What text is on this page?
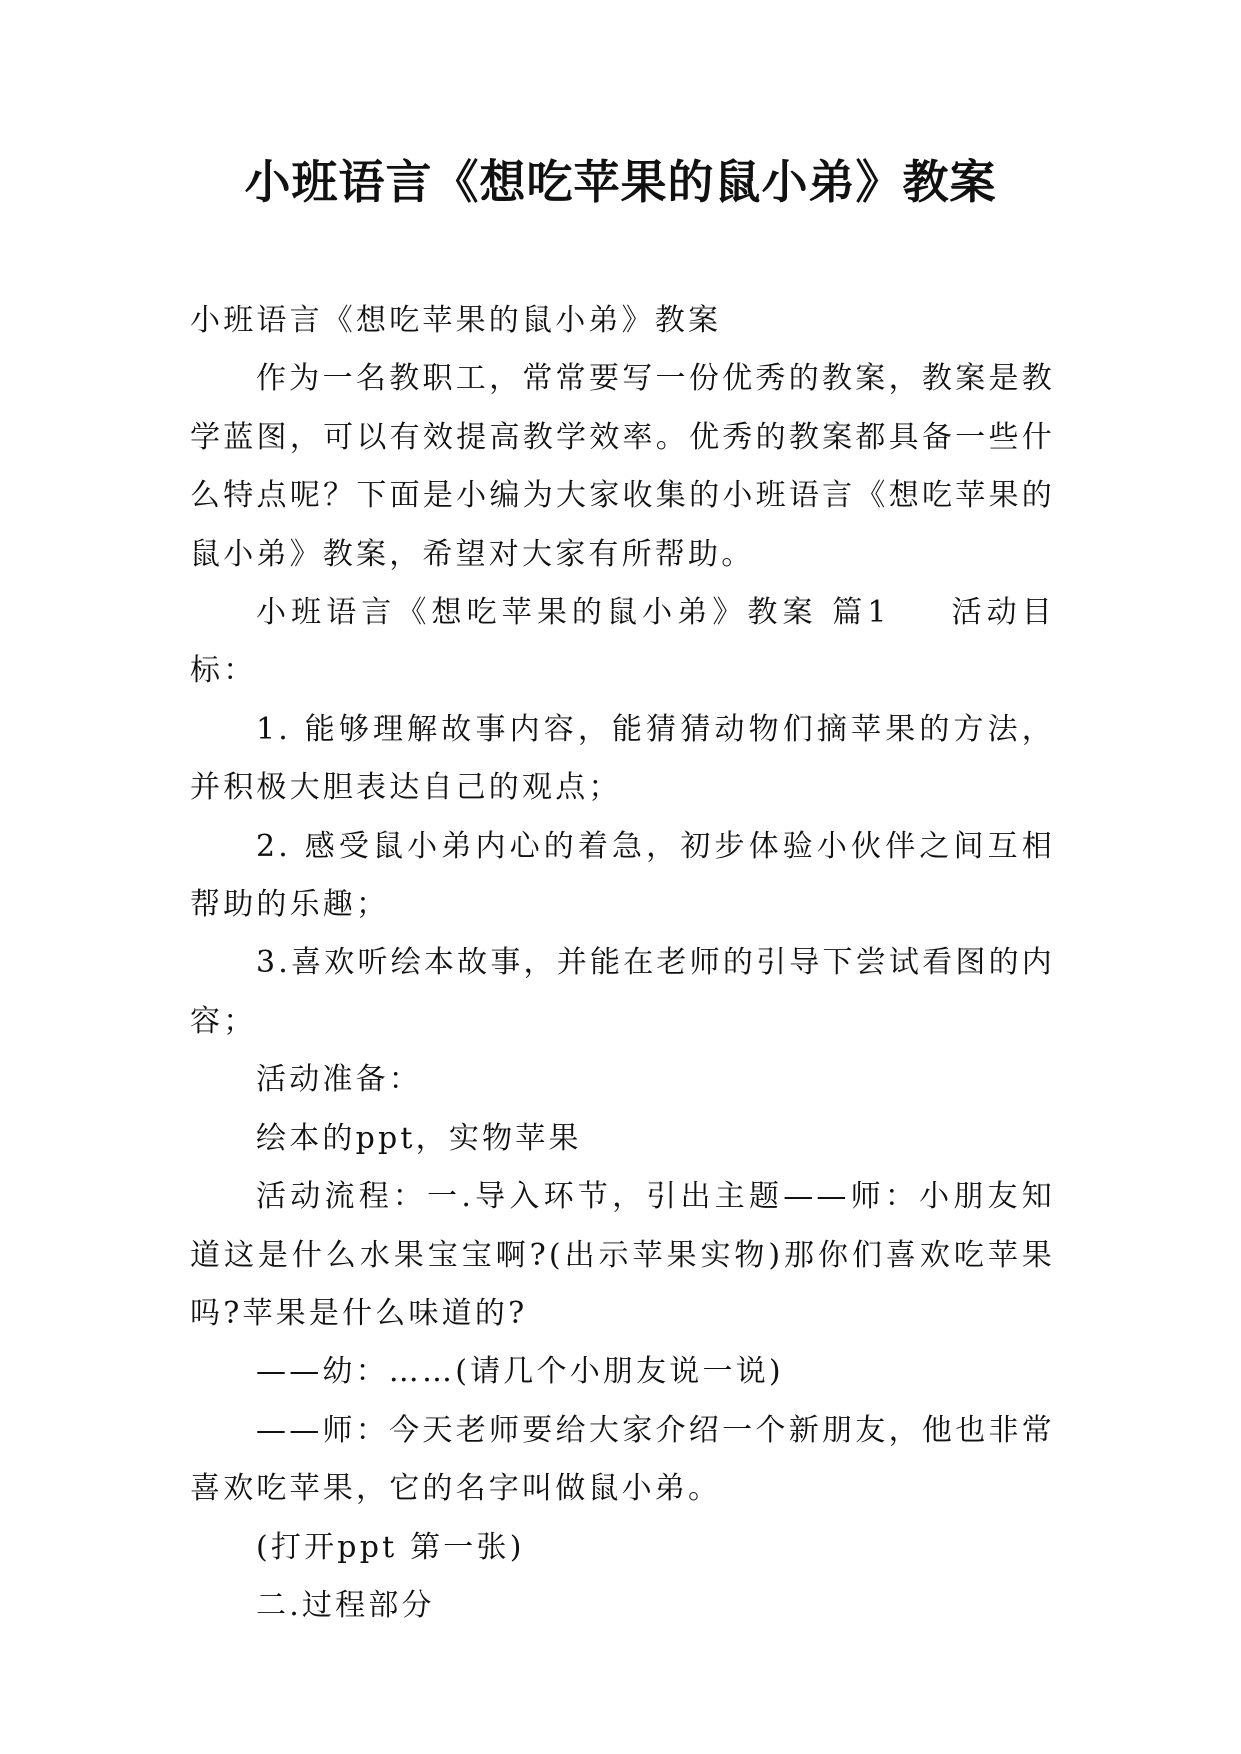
小班语言《想吃苹果的鼠小弟》教案

小班语言《想吃苹果的鼠小弟》教案

作为一名教职工，常常要写一份优秀的教案，教案是教学蓝图，可以有效提高教学效率。优秀的教案都具备一些什么特点呢？下面是小编为大家收集的小班语言《想吃苹果的鼠小弟》教案，希望对大家有所帮助。

小班语言《想吃苹果的鼠小弟》教案 篇1 活动目标：

1. 能够理解故事内容，能猜猜动物们摘苹果的方法，并积极大胆表达自己的观点；

2. 感受鼠小弟内心的着急，初步体验小伙伴之间互相帮助的乐趣；

3.喜欢听绘本故事，并能在老师的引导下尝试看图的内容；

活动准备：

绘本的ppt，实物苹果

活动流程：一.导入环节，引出主题——师：小朋友知道这是什么水果宝宝啊?(出示苹果实物)那你们喜欢吃苹果吗?苹果是什么味道的?

——幼：……(请几个小朋友说一说)

——师：今天老师要给大家介绍一个新朋友，他也非常喜欢吃苹果，它的名字叫做鼠小弟。

(打开ppt 第一张)

二.过程部分
